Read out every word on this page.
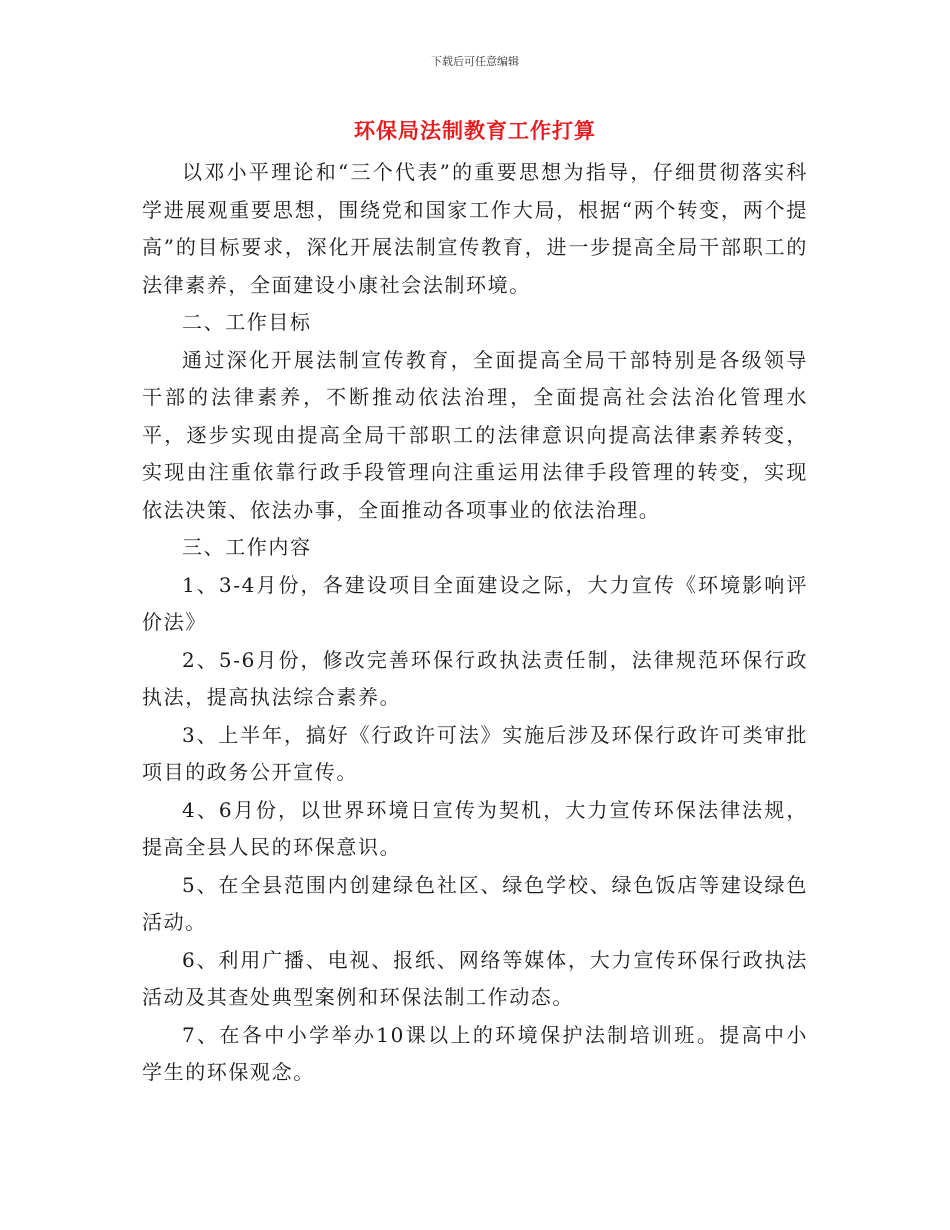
下载后可任意编辑
环保局法制教育工作打算

以邓小平理论和“三个代表”的重要思想为指导，仔细贯彻落实科学进展观重要思想，围绕党和国家工作大局，根据“两个转变，两个提高”的目标要求，深化开展法制宣传教育，进一步提高全局干部职工的法律素养，全面建设小康社会法制环境。

二、工作目标

通过深化开展法制宣传教育，全面提高全局干部特别是各级领导干部的法律素养，不断推动依法治理，全面提高社会法治化管理水平，逐步实现由提高全局干部职工的法律意识向提高法律素养转变，实现由注重依靠行政手段管理向注重运用法律手段管理的转变，实现依法决策、依法办事，全面推动各项事业的依法治理。

三、工作内容

1、3-4月份，各建设项目全面建设之际，大力宣传《环境影响评价法》

2、5-6月份，修改完善环保行政执法责任制，法律规范环保行政执法，提高执法综合素养。

3、上半年，搞好《行政许可法》实施后涉及环保行政许可类审批项目的政务公开宣传。

4、6月份，以世界环境日宣传为契机，大力宣传环保法律法规，提高全县人民的环保意识。

5、在全县范围内创建绿色社区、绿色学校、绿色饭店等建设绿色活动。

6、利用广播、电视、报纸、网络等媒体，大力宣传环保行政执法活动及其查处典型案例和环保法制工作动态。

7、在各中小学举办10课以上的环境保护法制培训班。提高中小学生的环保观念。
